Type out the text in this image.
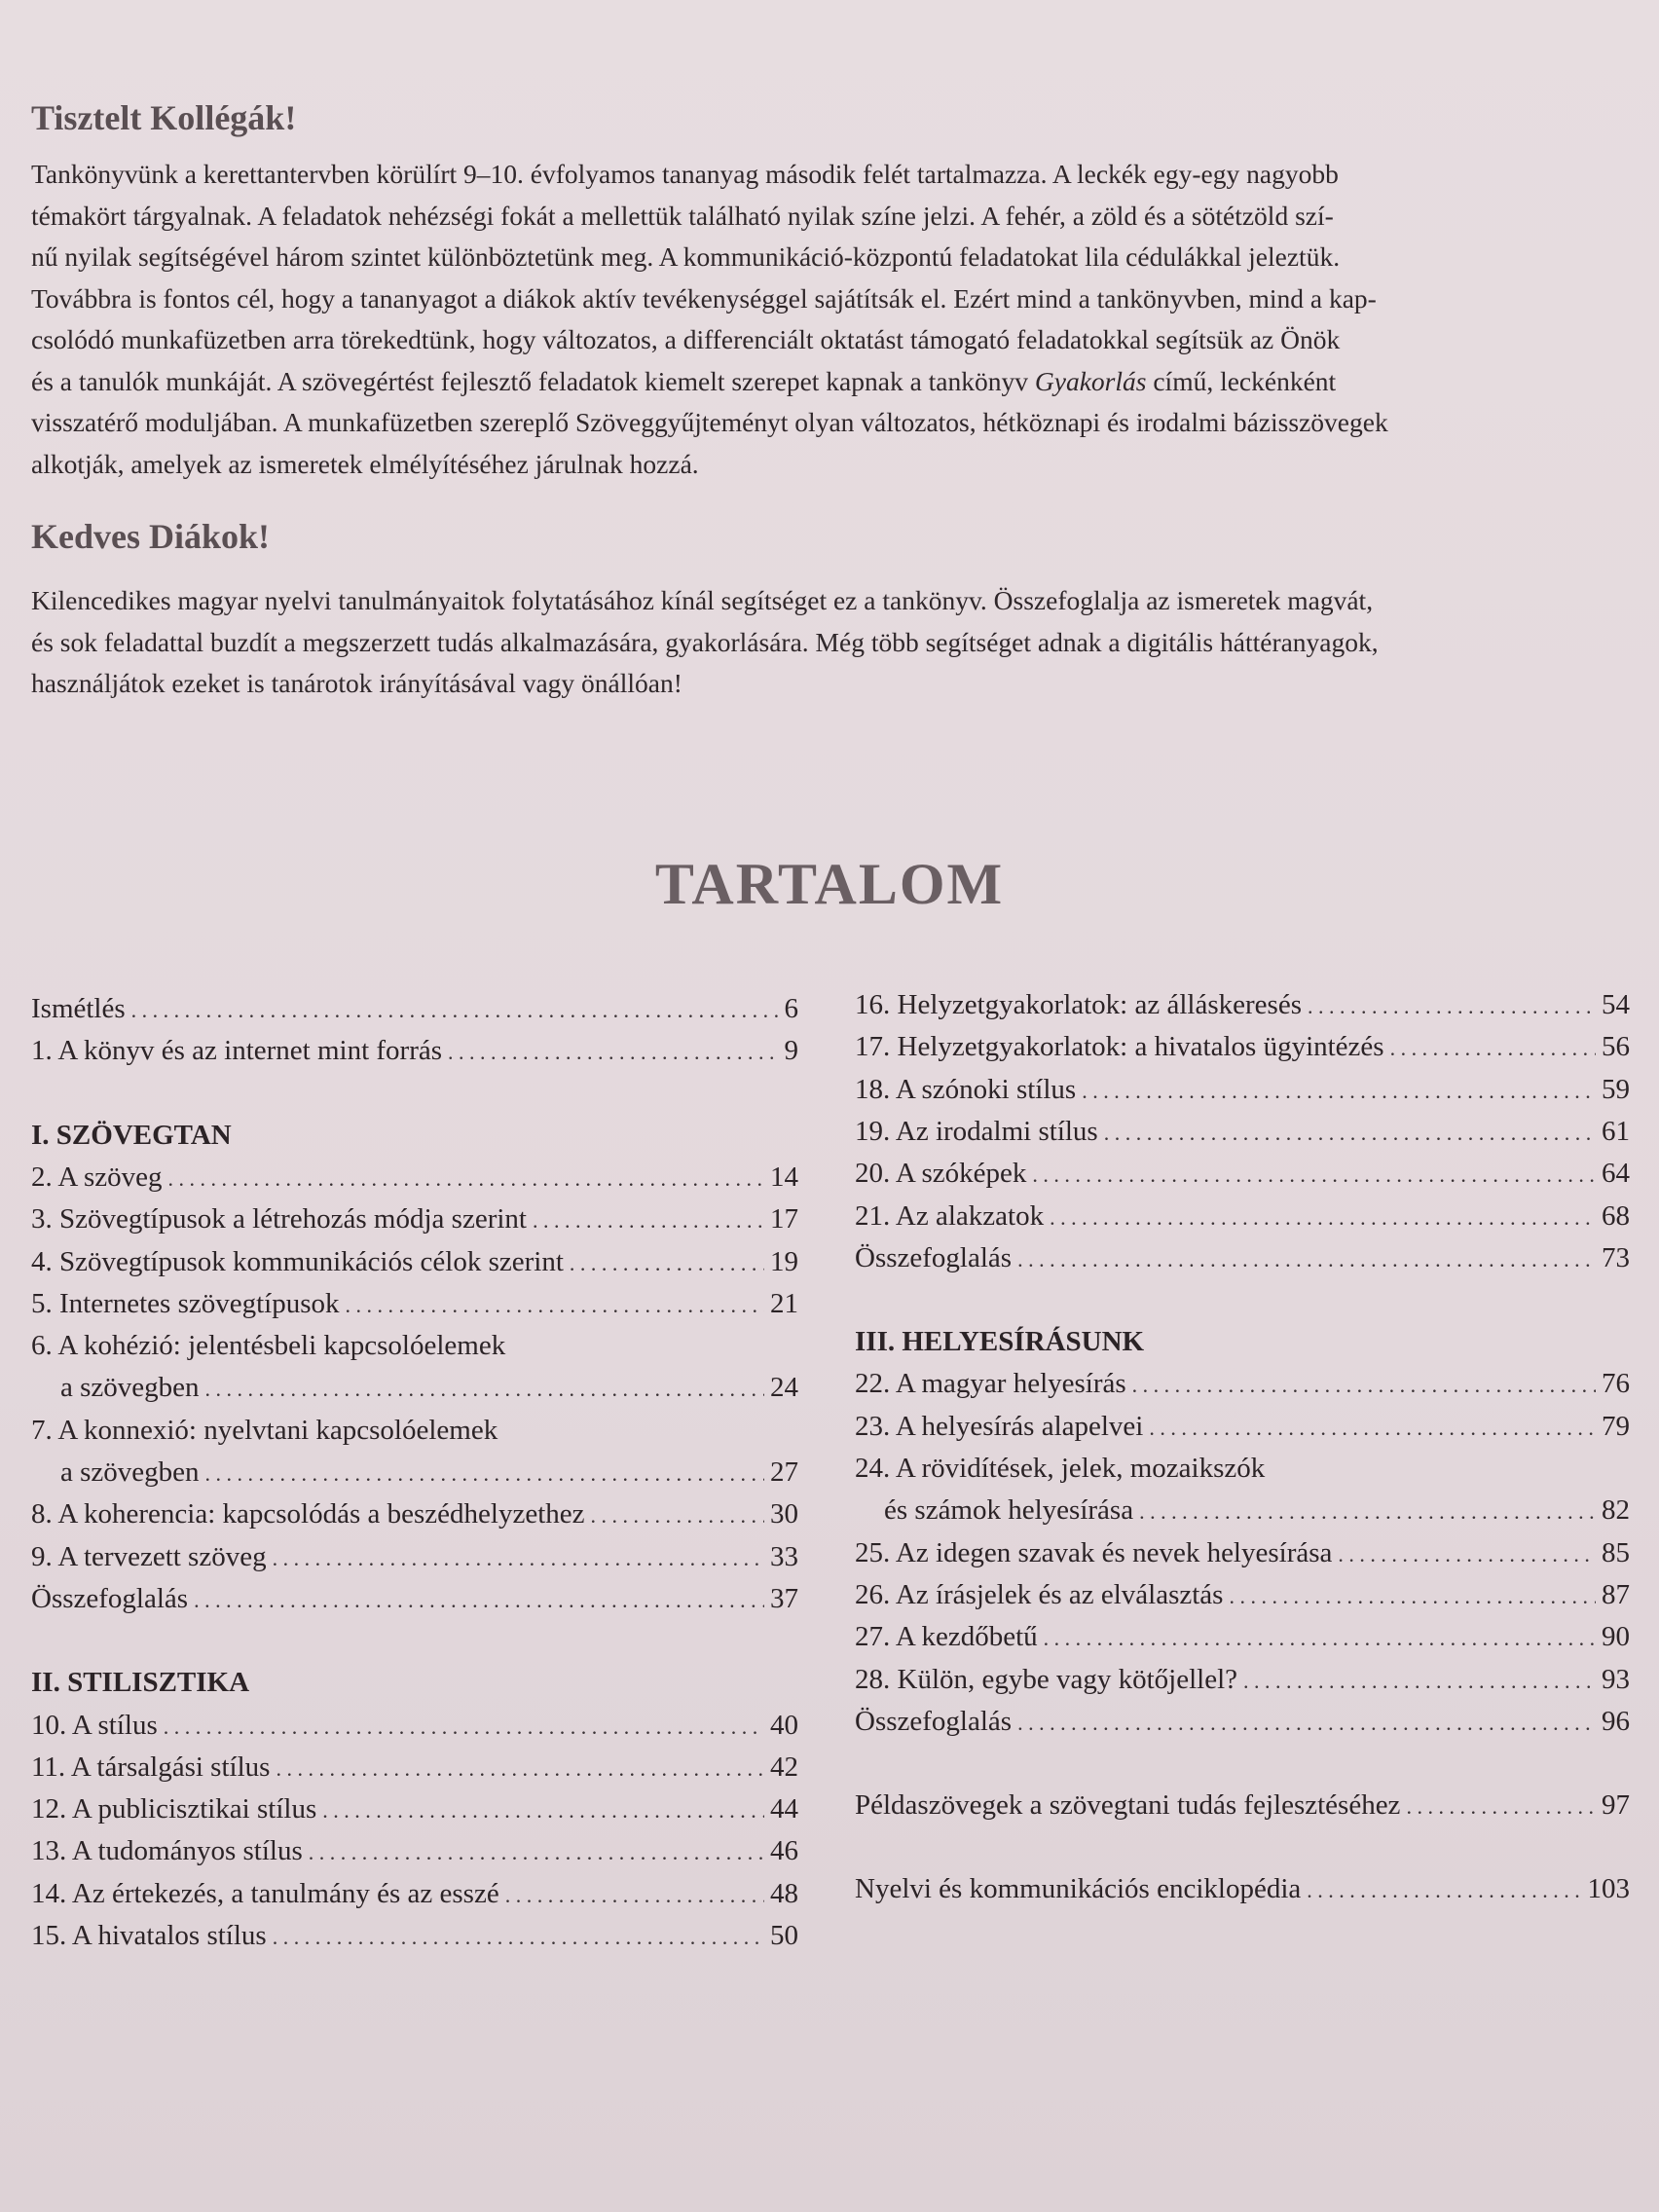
Tisztelt Kollégák!
Tankönyvünk a kerettantervben körülírt 9–10. évfolyamos tananyag második felét tartalmazza. A leckék egy-egy nagyobb
témakört tárgyalnak. A feladatok nehézségi fokát a mellettük található nyilak színe jelzi. A fehér, a zöld és a sötétzöld szí-
nű nyilak segítségével három szintet különböztetünk meg. A kommunikáció-központú feladatokat lila cédulákkal jeleztük.
Továbbra is fontos cél, hogy a tananyagot a diákok aktív tevékenységgel sajátítsák el. Ezért mind a tankönyvben, mind a kap-
csolódó munkafüzetben arra törekedtünk, hogy változatos, a differenciált oktatást támogató feladatokkal segítsük az Önök
és a tanulók munkáját. A szövegértést fejlesztő feladatok kiemelt szerepet kapnak a tankönyv Gyakorlás című, leckénként
visszatérő moduljában. A munkafüzetben szereplő Szöveggyűjteményt olyan változatos, hétköznapi és irodalmi bázisszövegek
alkotják, amelyek az ismeretek elmélyítéséhez járulnak hozzá.
Kedves Diákok!
Kilencedikes magyar nyelvi tanulmányaitok folytatásához kínál segítséget ez a tankönyv. Összefoglalja az ismeretek magvát,
és sok feladattal buzdít a megszerzett tudás alkalmazására, gyakorlására. Még több segítséget adnak a digitális háttéranyagok,
használjátok ezeket is tanárotok irányításával vagy önállóan!
TARTALOM
Ismétlés . . .	6
1. A könyv és az internet mint forrás . . .	9
I. SZÖVEGTAN
2. A szöveg . . .	14
3. Szövegtípusok a létrehozás módja szerint . . .	17
4. Szövegtípusok kommunikációs célok szerint . . .	19
5. Internetes szövegtípusok . . .	21
6. A kohézió: jelentésbeli kapcsolóelemek
a szövegben . . .	24
7. A konnexió: nyelvtani kapcsolóelemek
a szövegben . . .	27
8. A koherencia: kapcsolódás a beszédhelyzethez . . .	30
9. A tervezett szöveg . . .	33
Összefoglalás . . .	37
II. STILISZTIKA
10. A stílus . . .	40
11. A társalgási stílus . . .	42
12. A publicisztikai stílus . . .	44
13. A tudományos stílus . . .	46
14. Az értekezés, a tanulmány és az esszé . . .	48
15. A hivatalos stílus . . .	50
16. Helyzetgyakorlatok: az álláskeresés . . .	54
17. Helyzetgyakorlatok: a hivatalos ügyintézés . . .	56
18. A szónoki stílus . . .	59
19. Az irodalmi stílus . . .	61
20. A szóképek . . .	64
21. Az alakzatok . . .	68
Összefoglalás . . .	73
III. HELYESÍRÁSUNK
22. A magyar helyesírás . . .	76
23. A helyesírás alapelvei . . .	79
24. A rövidítések, jelek, mozaikszók
és számok helyesírása . . .	82
25. Az idegen szavak és nevek helyesírása . . .	85
26. Az írásjelek és az elválasztás . . .	87
27. A kezdőbetű . . .	90
28. Külön, egybe vagy kötőjellel? . . .	93
Összefoglalás . . .	96
Példaszövegek a szövegtani tudás fejlesztéséhez . . .	97
Nyelvi és kommunikációs enciklopédia . . .	103
